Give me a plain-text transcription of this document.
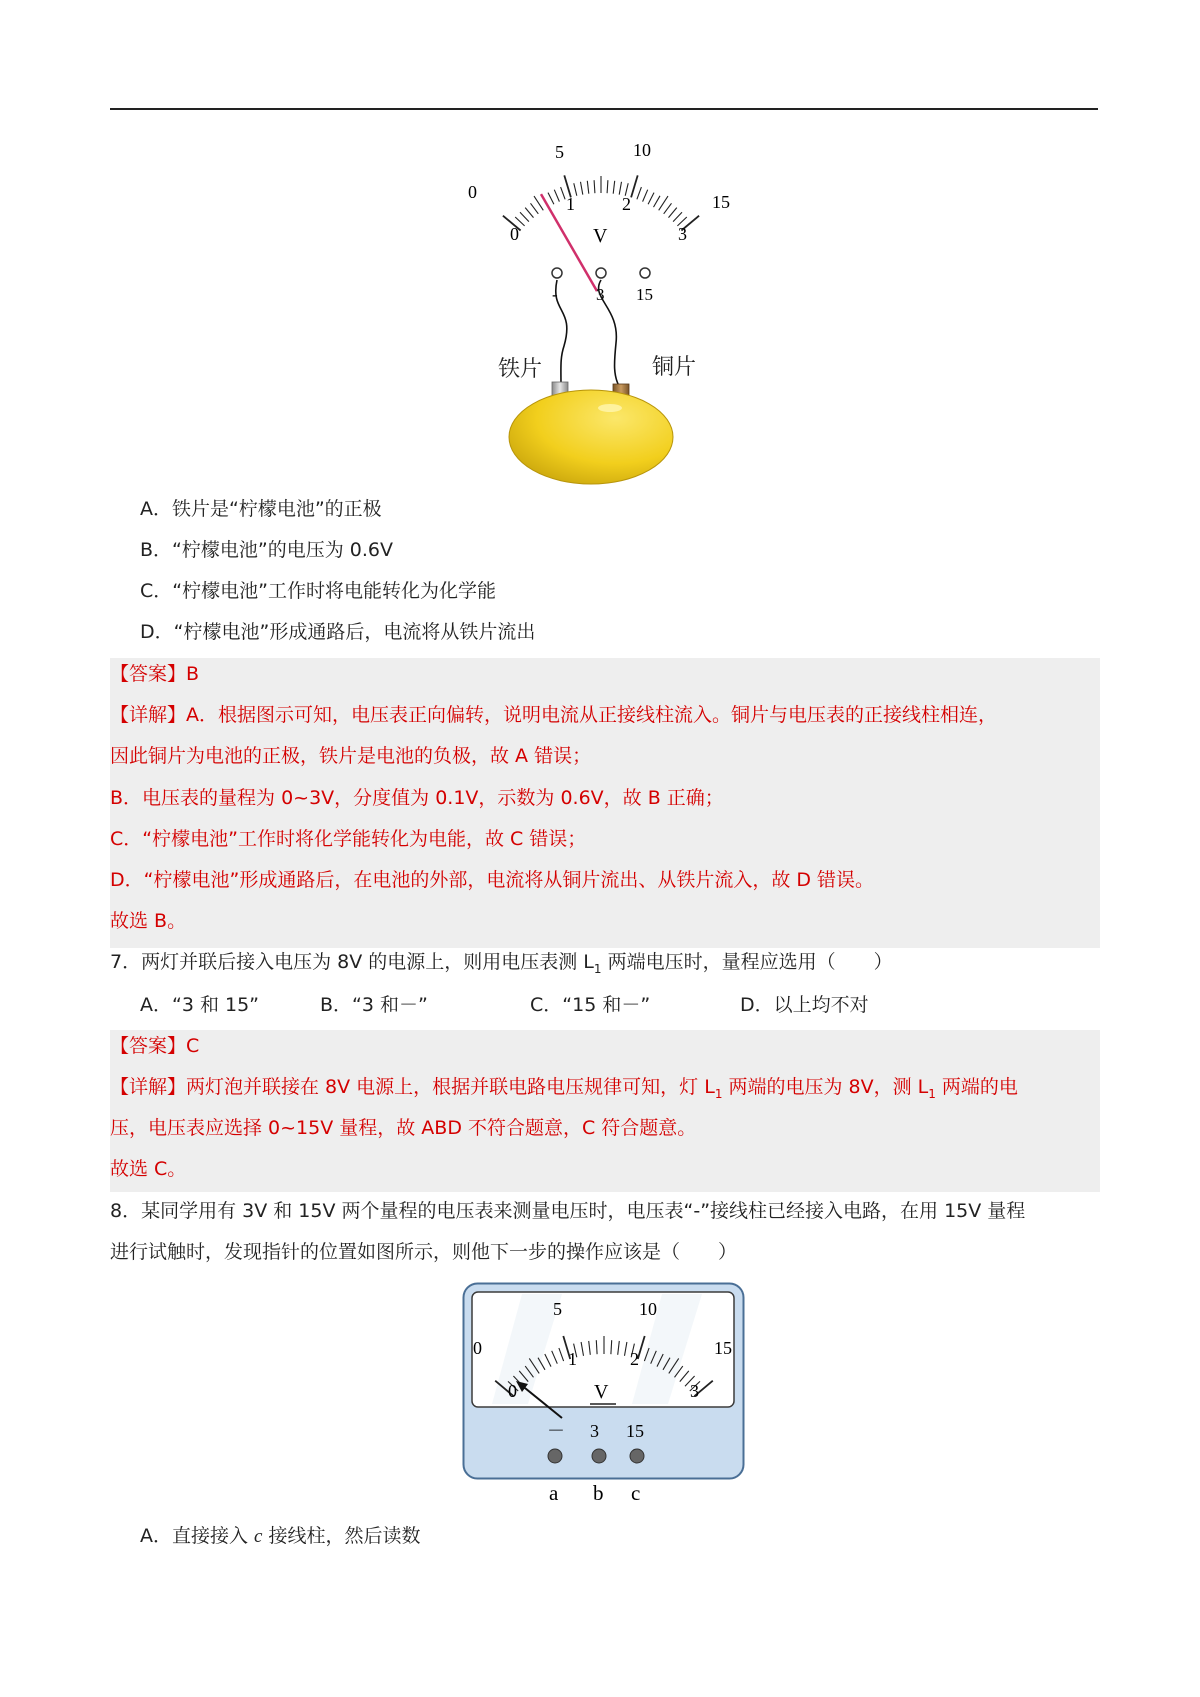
0
5	10
15
0
1	2
3
V
- 3 15
铁片	铜片
A．铁片是“柠檬电池”的正极
B．“柠檬电池”的电压为 0.6V
C．“柠檬电池”工作时将电能转化为化学能
D．“柠檬电池”形成通路后，电流将从铁片流出
【答案】B
【详解】A．根据图示可知，电压表正向偏转，说明电流从正接线柱流入。铜片与电压表的正接线柱相连，
因此铜片为电池的正极，铁片是电池的负极，故 A 错误；
B．电压表的量程为 0~3V，分度值为 0.1V，示数为 0.6V，故 B 正确；
C．“柠檬电池”工作时将化学能转化为电能，故 C 错误；
D．“柠檬电池”形成通路后，在电池的外部，电流将从铜片流出、从铁片流入，故 D 错误。
故选 B。
7．两灯并联后接入电压为 8V 的电源上，则用电压表测 $L_1$ 两端电压时，量程应选用（　　）
A．“3 和 15”	B．“3 和－”	C．“15 和－”	D．以上均不对
【答案】C
【详解】两灯泡并联接在 8V 电源上，根据并联电路电压规律可知，灯 $L_1$ 两端的电压为 8V，测 $L_1$ 两端的电
压，电压表应选择 0~15V 量程，故 ABD 不符合题意，C 符合题意。
故选 C。
8．某同学用有 3V 和 15V 两个量程的电压表来测量电压时，电压表“-”接线柱已经接入电路，在用 15V 量程
进行试触时，发现指针的位置如图所示，则他下一步的操作应该是（　　）
0
5	10
15
0
1	2
3
V
－ 3 15
a b c
A．直接接入 c 接线柱，然后读数
